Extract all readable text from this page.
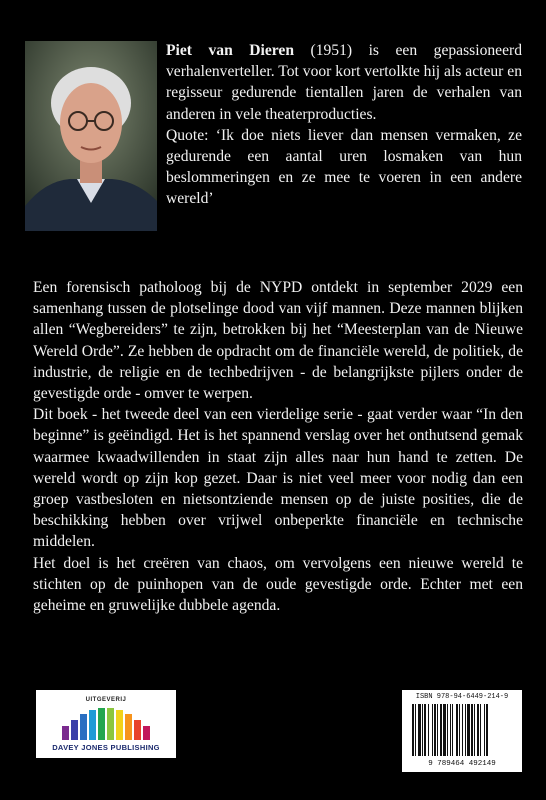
Piet van Dieren (1951) is een gepassioneerd verhalenverteller. Tot voor kort vertolkte hij als acteur en regisseur gedurende tientallen jaren de verhalen van anderen in vele theaterproducties.
Quote: ‘Ik doe niets liever dan mensen vermaken, ze gedurende een aantal uren losmaken van hun beslommeringen en ze mee te voeren in een andere wereld’

Een forensisch patholoog bij de NYPD ontdekt in september 2029 een samenhang tussen de plotselinge dood van vijf mannen. Deze mannen blijken allen “Wegbereiders” te zijn, betrokken bij het “Meesterplan van de Nieuwe Wereld Orde”. Ze hebben de opdracht om de financiële wereld, de politiek, de industrie, de religie en de techbedrijven - de belangrijkste pijlers onder de gevestigde orde - omver te werpen.

Dit boek - het tweede deel van een vierdelige serie - gaat verder waar “In den beginne” is geëindigd. Het is het spannend verslag over het onthutsend gemak waarmee kwaadwillenden in staat zijn alles naar hun hand te zetten. De wereld wordt op zijn kop gezet. Daar is niet veel meer voor nodig dan een groep vastbesloten en nietsontziende mensen op de juiste posities, die de beschikking hebben over vrijwel onbeperkte financiële en technische middelen.

Het doel is het creëren van chaos, om vervolgens een nieuwe wereld te stichten op de puinhopen van de oude gevestigde orde. Echter met een geheime en gruwelijke dubbele agenda.

UITGEVERIJ
DAVEY JONES PUBLISHING
ISBN 978-94-6449-214-9
9 789464 492149
